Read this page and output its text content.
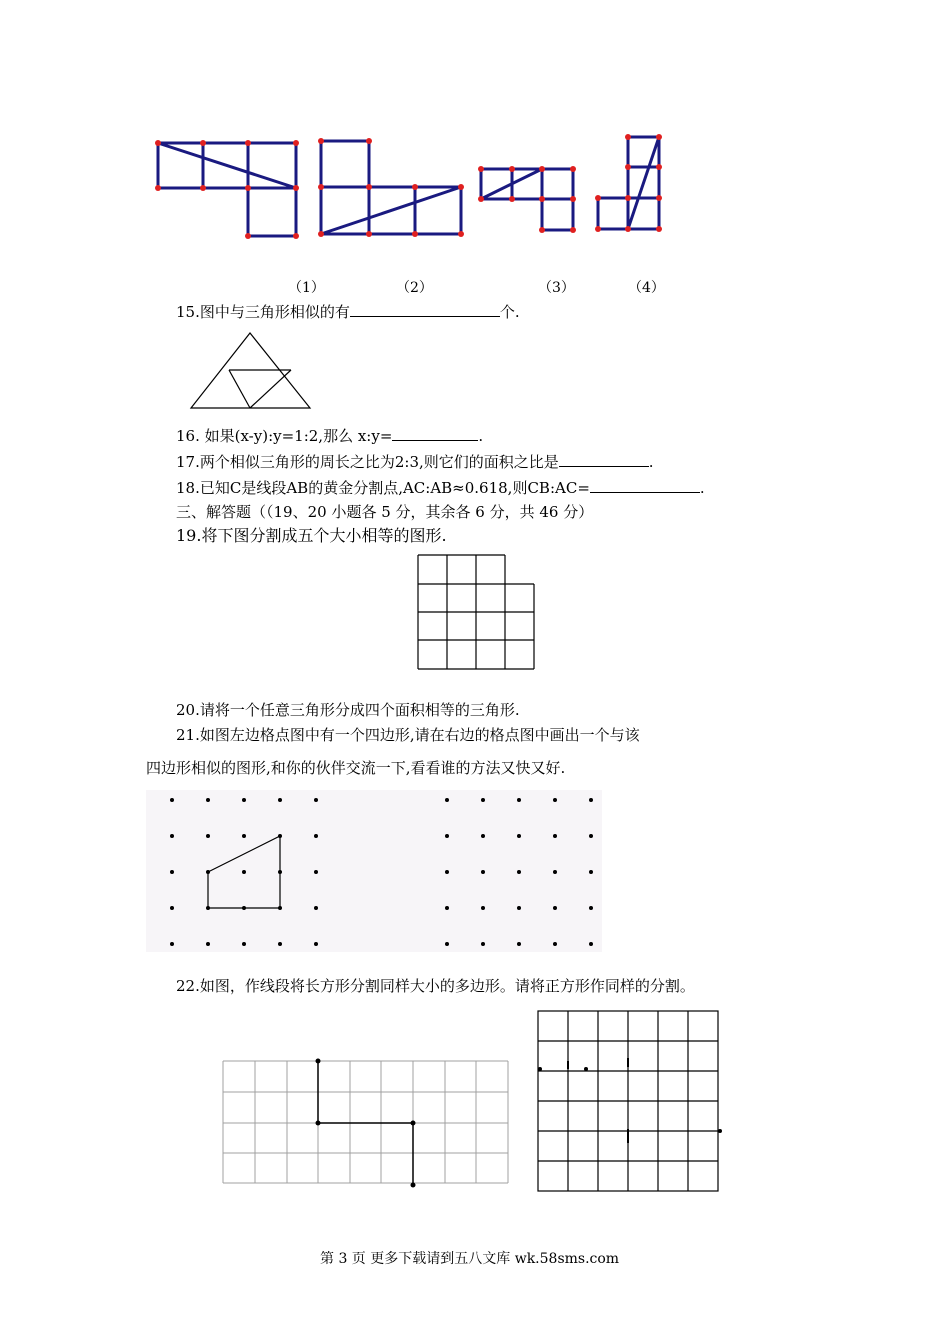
（1）	（2）	（3）	（4）
15.图中与三角形相似的有	个.
16. 如果(x-y):y=1:2,那么 x:y=	.
17.两个相似三角形的周长之比为2:3,则它们的面积之比是	.
18.已知C是线段AB的黄金分割点,AC:AB≈0.618,则CB:AC=	.
三、解答题（（19、20 小题各 5 分，其余各 6 分，共 46 分）
19.将下图分割成五个大小相等的图形.
20.请将一个任意三角形分成四个面积相等的三角形.
21.如图左边格点图中有一个四边形,请在右边的格点图中画出一个与该
四边形相似的图形,和你的伙伴交流一下,看看谁的方法又快又好.
22.如图，作线段将长方形分割同样大小的多边形。请将正方形作同样的分割。
第 3 页 更多下载请到五八文库 wk.58sms.com
